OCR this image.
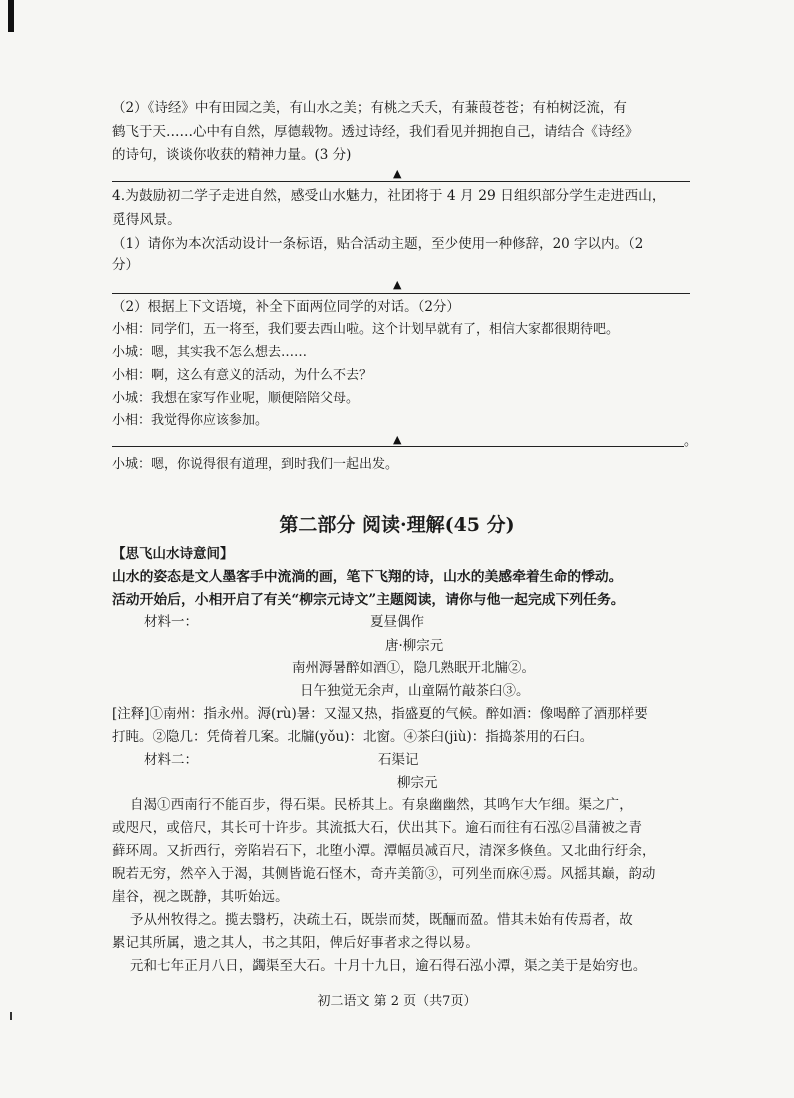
（2）《诗经》中有田园之美，有山水之美；有桃之夭夭，有蒹葭苍苍；有柏树泛流，有
鹤飞于天……心中有自然，厚德载物。透过诗经，我们看见并拥抱自己，请结合《诗经》
的诗句，谈谈你收获的精神力量。(3 分)
▲
4.为鼓励初二学子走进自然，感受山水魅力，社团将于 4 月 29 日组织部分学生走进西山，
觅得风景。
（1）请你为本次活动设计一条标语，贴合活动主题，至少使用一种修辞，20 字以内。（2
分）
▲
（2）根据上下文语境，补全下面两位同学的对话。（2分）
小相：同学们，五一将至，我们要去西山啦。这个计划早就有了，相信大家都很期待吧。
小城：嗯，其实我不怎么想去……
小相：啊，这么有意义的活动，为什么不去？
小城：我想在家写作业呢，顺便陪陪父母。
小相：我觉得你应该参加。
▲	。
小城：嗯，你说得很有道理，到时我们一起出发。
第二部分 阅读·理解(45 分)
【思飞山水诗意间】
山水的姿态是文人墨客手中流淌的画，笔下飞翔的诗，山水的美感牵着生命的悸动。
活动开始后，小相开启了有关“柳宗元诗文”主题阅读，请你与他一起完成下列任务。
材料一：	夏昼偶作
唐·柳宗元
南州溽暑醉如酒①，隐几熟眠开北牖②。
日午独觉无余声，山童隔竹敲茶臼③。
[注释]①南州：指永州。溽(rù)暑：又湿又热，指盛夏的气候。醉如酒：像喝醉了酒那样要
打盹。②隐几：凭倚着几案。北牖(yǒu)：北窗。④茶臼(jiù)：指捣茶用的石臼。
材料二：	石渠记
柳宗元
自渴①西南行不能百步，得石渠。民桥其上。有泉幽幽然，其鸣乍大乍细。渠之广，
或咫尺，或倍尺，其长可十许步。其流抵大石，伏出其下。逾石而往有石泓②昌蒲被之青
藓环周。又折西行，旁陷岩石下，北堕小潭。潭幅员减百尺，清深多倏鱼。又北曲行纡余，
睨若无穷，然卒入于渴，其侧皆诡石怪木，奇卉美箭③，可列坐而庥④焉。风摇其巅，韵动
崖谷，视之既静，其听始远。
予从州牧得之。揽去翳朽，决疏土石，既崇而焚，既酾而盈。惜其未始有传焉者，故
累记其所属，遗之其人，书之其阳，俾后好事者求之得以易。
元和七年正月八日，蠲渠至大石。十月十九日，逾石得石泓小潭，渠之美于是始穷也。
初二语文 第 2 页（共7页）
